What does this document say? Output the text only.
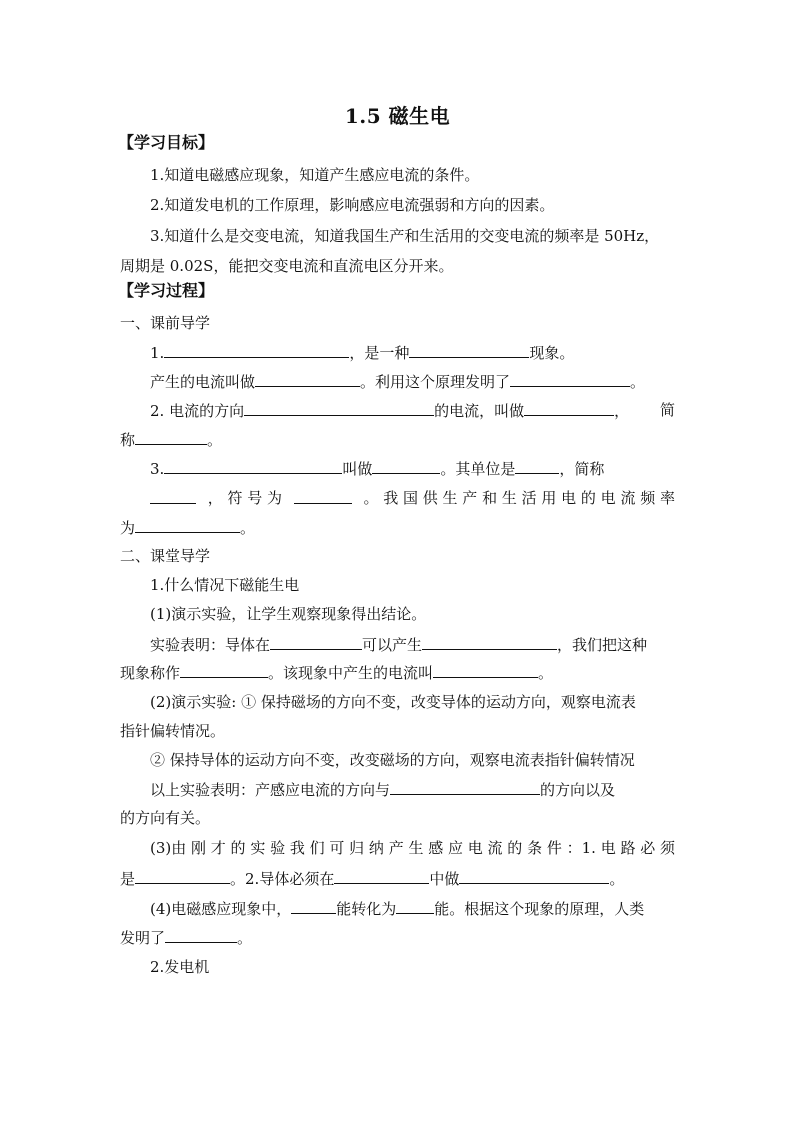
1.5 磁生电
【学习目标】
1.知道电磁感应现象，知道产生感应电流的条件。
2.知道发电机的工作原理，影响感应电流强弱和方向的因素。
3.知道什么是交变电流，知道我国生产和生活用的交变电流的频率是 50Hz，
周期是 0.02S，能把交变电流和直流电区分开来。
【学习过程】
一、课前导学
1.	，是一种	现象。
产生的电流叫做	。利用这个原理发明了	。
2. 电流的方向	的电流，叫做	， 简
称	。
3.	叫做	。其单位是	，简称
， 符 号 为	。 我 国 供 生 产 和 生 活 用 电 的 电 流 频 率
为	。
二、课堂导学
1.什么情况下磁能生电
(1)演示实验，让学生观察现象得出结论。
实验表明：导体在	可以产生	，我们把这种
现象称作	。该现象中产生的电流叫	。
(2)演示实验: ① 保持磁场的方向不变，改变导体的运动方向，观察电流表
指针偏转情况。
② 保持导体的运动方向不变，改变磁场的方向，观察电流表指针偏转情况
以上实验表明：产感应电流的方向与	的方向以及
的方向有关。
(3)由 刚 才 的 实 验 我 们 可 归 纳 产 生 感 应 电 流 的 条 件 ：1. 电 路 必 须
是	。2.导体必须在	中做	。
(4)电磁感应现象中，	能转化为	能。根据这个现象的原理，人类
发明了	。
2.发电机
